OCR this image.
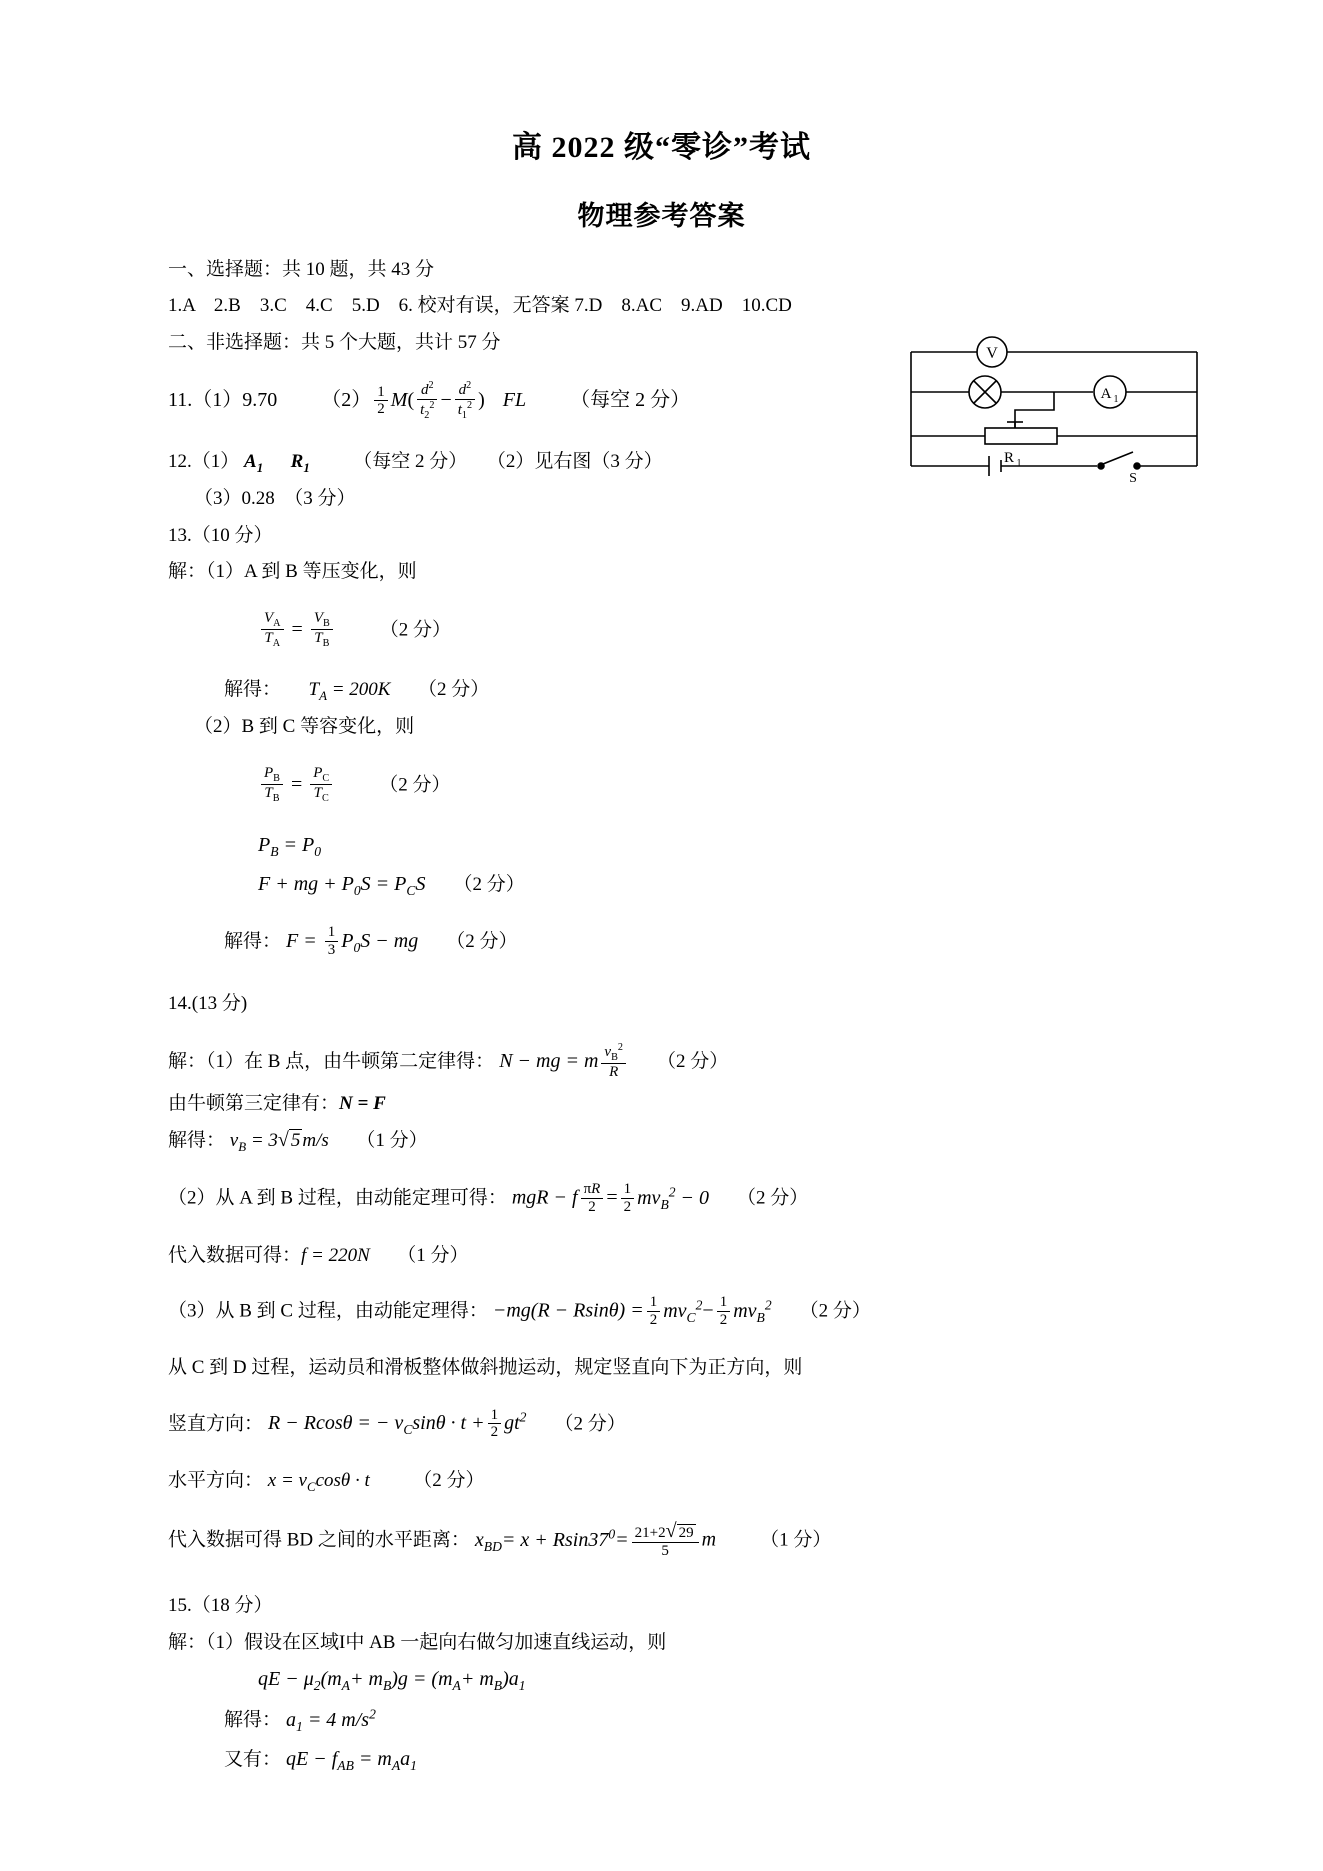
高 2022 级“零诊”考试
物理参考答案
一、选择题：共 10 题，共 43 分
1.A　2.B　3.C　4.C　5.D　6. 校对有误，无答案 7.D　8.AC　9.AD　10.CD
二、非选择题：共 5 个大题，共计 57 分
11.（1）9.70 $(2) \frac{1}{2} M( \frac{d^2}{t_2^2} - \frac{d^2}{t_1^2}$ ) FL （每空 2 分）
12.（1） $A_1$ $R_1$ （每空 2 分） （2）见右图（3 分）
（3）0.28　（3 分）
13.（10 分）
解：（1）A 到 B 等压变化，则
$\frac{V_A}{T_A} = \frac{V_B}{T_B} (2$ 分）
解得： $T_A = 200K$ （2 分）
（2）B 到 C 等容变化，则
$\frac{P_B}{T_B} = \frac{P_C}{T_C} (2$ 分）
$P_B = P_0$
F + mg + $P_0S = P_CS$ （2 分）
解得： $F = \frac{1}{3} P_0S$ − mg （2 分）
14.(13 分)
解：（1）在 B 点，由牛顿第二定律得： N − mg = m $\frac{v_B^2}{R} (2$ 分）
由牛顿第三定律有：N = F
解得： $v_B = 3√$ 5 m/s （1 分）
（2）从 A 到 B 过程，由动能定理可得： mgR − f $\frac{\pi R}{2} = \frac{1}{2} mv_B^2 - 0$ （2 分）
代入数据可得：f = 220N （1 分）
（3）从 B 到 C 过程，由动能定理得： $-mg(R - Rsin\theta) = \frac{1}{2} mv_C^2- \frac{1}{2} mv_B^2$ （2 分）
从 C 到 D 过程，运动员和滑板整体做斜抛运动，规定竖直向下为正方向，则
竖直方向： R − Rcosθ = − $v_C\sin\theta \cdot t + \frac{1}{2} gt^2$ （2 分）
水平方向： $x = v_C\cos\theta \cdot t$ （2 分）
代入数据可得 BD 之间的水平距离： $x_{BD}= x + Rsin37^0= \frac{21+2√ 29}{5}$ m （1 分）
15.（18 分）
解：（1）假设在区域I中 AB 一起向右做匀加速直线运动，则
qE − $\mu_2(m_A+ m_B)g = (m_A+ m_B)a_1$
解得： $a_1 = 4$ $m/s^2$
又有： qE − $f_{AB} = m_Aa_1$
V
A 1
R 1
S
